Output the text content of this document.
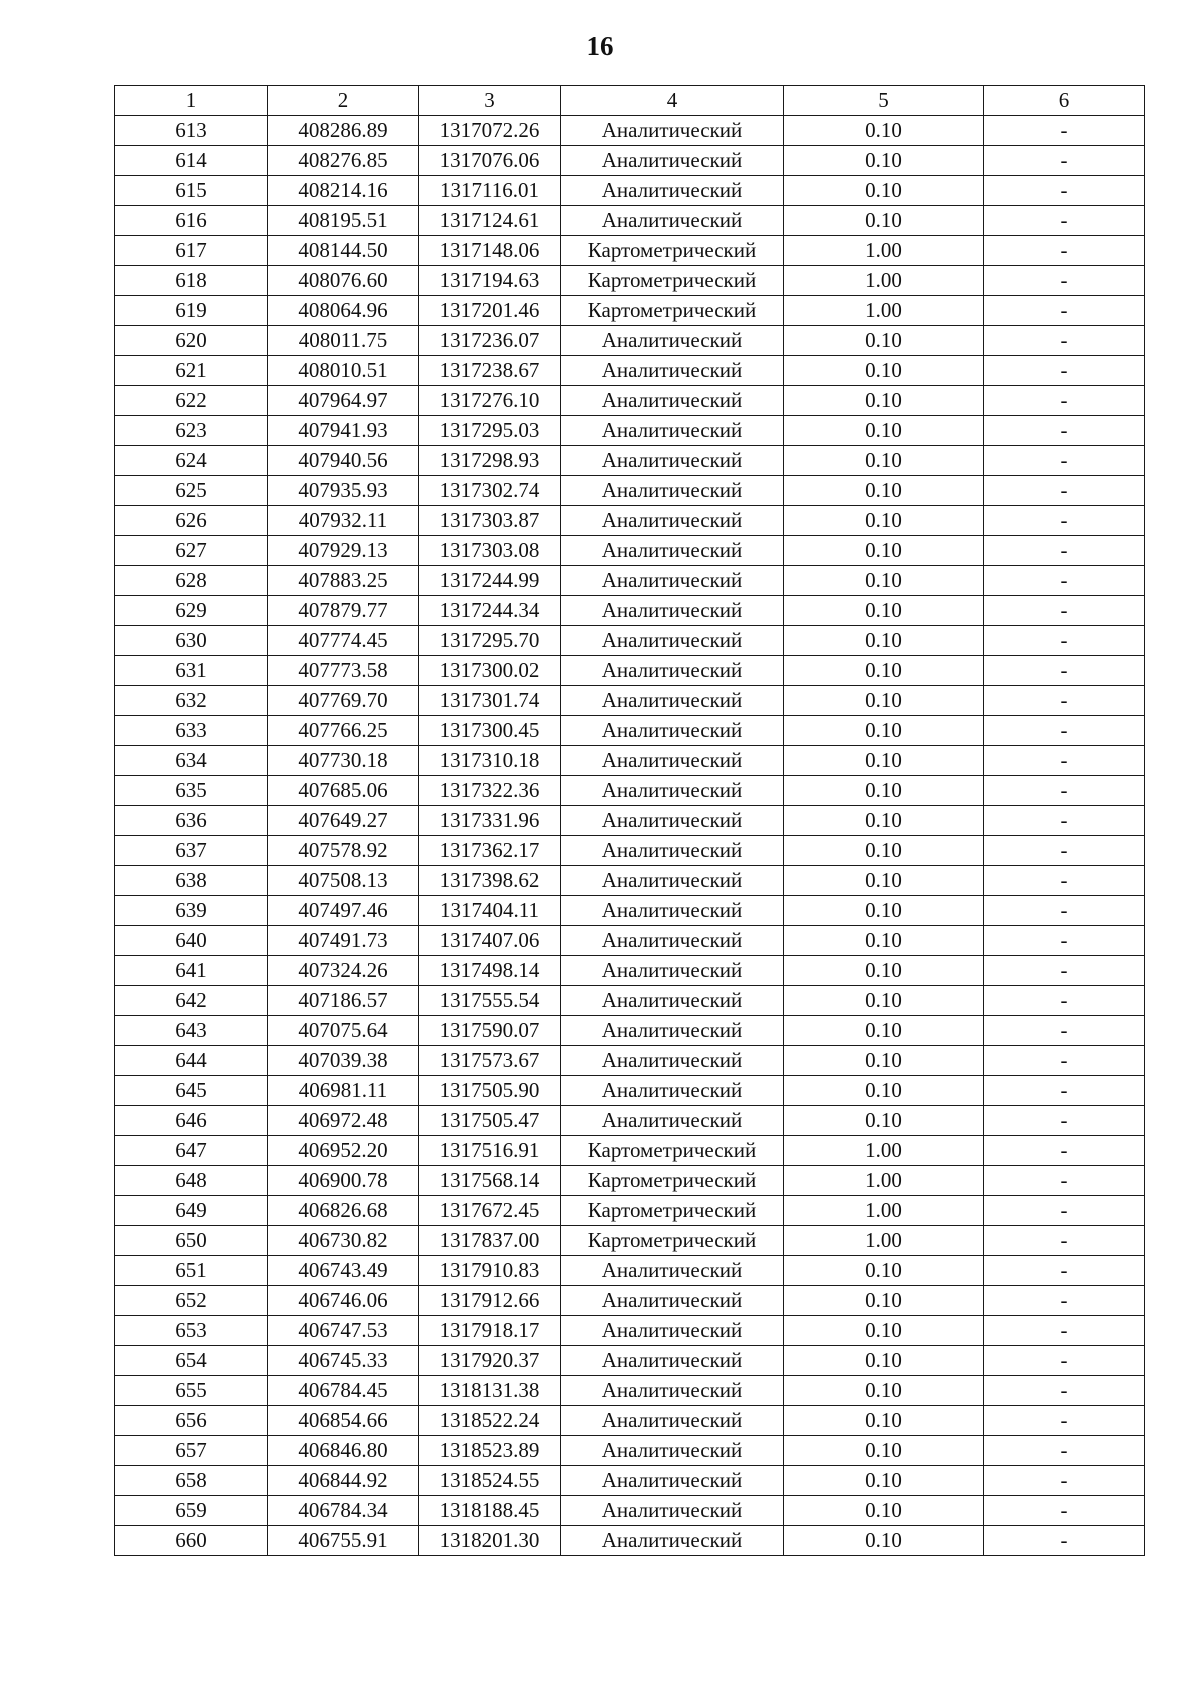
16
1	2	3	4	5	6
613	408286.89	1317072.26	Аналитический	0.10	-
614	408276.85	1317076.06	Аналитический	0.10	-
615	408214.16	1317116.01	Аналитический	0.10	-
616	408195.51	1317124.61	Аналитический	0.10	-
617	408144.50	1317148.06	Картометрический	1.00	-
618	408076.60	1317194.63	Картометрический	1.00	-
619	408064.96	1317201.46	Картометрический	1.00	-
620	408011.75	1317236.07	Аналитический	0.10	-
621	408010.51	1317238.67	Аналитический	0.10	-
622	407964.97	1317276.10	Аналитический	0.10	-
623	407941.93	1317295.03	Аналитический	0.10	-
624	407940.56	1317298.93	Аналитический	0.10	-
625	407935.93	1317302.74	Аналитический	0.10	-
626	407932.11	1317303.87	Аналитический	0.10	-
627	407929.13	1317303.08	Аналитический	0.10	-
628	407883.25	1317244.99	Аналитический	0.10	-
629	407879.77	1317244.34	Аналитический	0.10	-
630	407774.45	1317295.70	Аналитический	0.10	-
631	407773.58	1317300.02	Аналитический	0.10	-
632	407769.70	1317301.74	Аналитический	0.10	-
633	407766.25	1317300.45	Аналитический	0.10	-
634	407730.18	1317310.18	Аналитический	0.10	-
635	407685.06	1317322.36	Аналитический	0.10	-
636	407649.27	1317331.96	Аналитический	0.10	-
637	407578.92	1317362.17	Аналитический	0.10	-
638	407508.13	1317398.62	Аналитический	0.10	-
639	407497.46	1317404.11	Аналитический	0.10	-
640	407491.73	1317407.06	Аналитический	0.10	-
641	407324.26	1317498.14	Аналитический	0.10	-
642	407186.57	1317555.54	Аналитический	0.10	-
643	407075.64	1317590.07	Аналитический	0.10	-
644	407039.38	1317573.67	Аналитический	0.10	-
645	406981.11	1317505.90	Аналитический	0.10	-
646	406972.48	1317505.47	Аналитический	0.10	-
647	406952.20	1317516.91	Картометрический	1.00	-
648	406900.78	1317568.14	Картометрический	1.00	-
649	406826.68	1317672.45	Картометрический	1.00	-
650	406730.82	1317837.00	Картометрический	1.00	-
651	406743.49	1317910.83	Аналитический	0.10	-
652	406746.06	1317912.66	Аналитический	0.10	-
653	406747.53	1317918.17	Аналитический	0.10	-
654	406745.33	1317920.37	Аналитический	0.10	-
655	406784.45	1318131.38	Аналитический	0.10	-
656	406854.66	1318522.24	Аналитический	0.10	-
657	406846.80	1318523.89	Аналитический	0.10	-
658	406844.92	1318524.55	Аналитический	0.10	-
659	406784.34	1318188.45	Аналитический	0.10	-
660	406755.91	1318201.30	Аналитический	0.10	-
